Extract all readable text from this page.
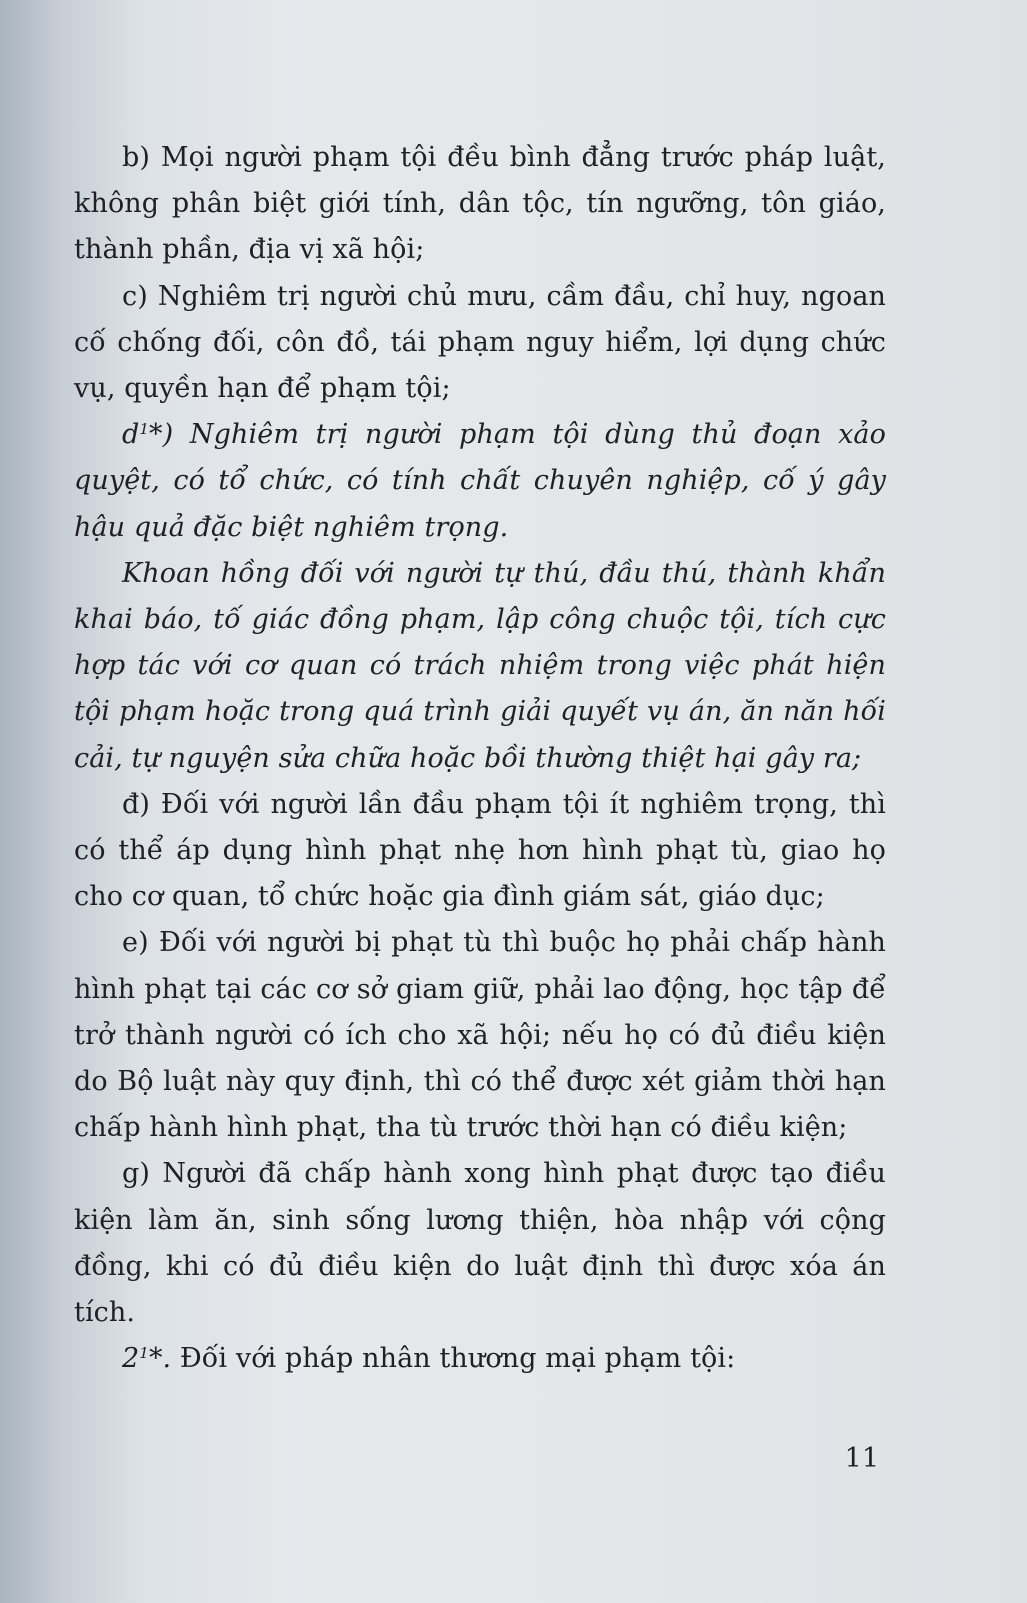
b) Mọi người phạm tội đều bình đẳng trước pháp luật, không phân biệt giới tính, dân tộc, tín ngưỡng, tôn giáo, thành phần, địa vị xã hội;

c) Nghiêm trị người chủ mưu, cầm đầu, chỉ huy, ngoan cố chống đối, côn đồ, tái phạm nguy hiểm, lợi dụng chức vụ, quyền hạn để phạm tội;

$d^1*$) Nghiêm trị người phạm tội dùng thủ đoạn xảo quyệt, có tổ chức, có tính chất chuyên nghiệp, cố ý gây hậu quả đặc biệt nghiêm trọng.

Khoan hồng đối với người tự thú, đầu thú, thành khẩn khai báo, tố giác đồng phạm, lập công chuộc tội, tích cực hợp tác với cơ quan có trách nhiệm trong việc phát hiện tội phạm hoặc trong quá trình giải quyết vụ án, ăn năn hối cải, tự nguyện sửa chữa hoặc bồi thường thiệt hại gây ra;

đ) Đối với người lần đầu phạm tội ít nghiêm trọng, thì có thể áp dụng hình phạt nhẹ hơn hình phạt tù, giao họ cho cơ quan, tổ chức hoặc gia đình giám sát, giáo dục;

e) Đối với người bị phạt tù thì buộc họ phải chấp hành hình phạt tại các cơ sở giam giữ, phải lao động, học tập để trở thành người có ích cho xã hội; nếu họ có đủ điều kiện do Bộ luật này quy định, thì có thể được xét giảm thời hạn chấp hành hình phạt, tha tù trước thời hạn có điều kiện;

g) Người đã chấp hành xong hình phạt được tạo điều kiện làm ăn, sinh sống lương thiện, hòa nhập với cộng đồng, khi có đủ điều kiện do luật định thì được xóa án tích.

$2^1*$. Đối với pháp nhân thương mại phạm tội:

11
